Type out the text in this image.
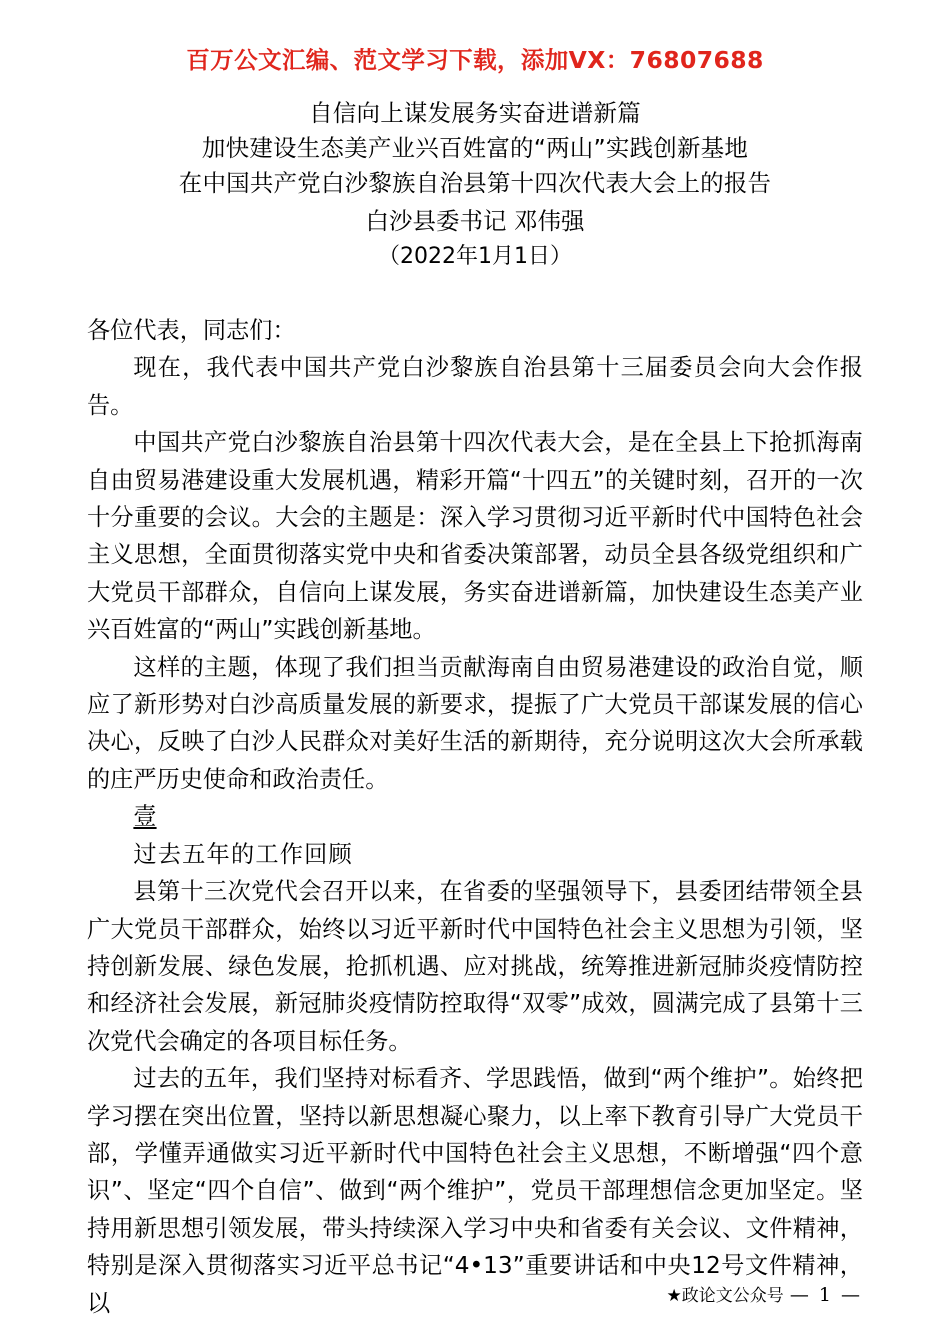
百万公文汇编、范文学习下载，添加VX：76807688
自信向上谋发展务实奋进谱新篇
加快建设生态美产业兴百姓富的“两山”实践创新基地
在中国共产党白沙黎族自治县第十四次代表大会上的报告
白沙县委书记 邓伟强
（2022年1月1日）

各位代表，同志们：

现在，我代表中国共产党白沙黎族自治县第十三届委员会向大会作报告。

中国共产党白沙黎族自治县第十四次代表大会，是在全县上下抢抓海南自由贸易港建设重大发展机遇，精彩开篇“十四五”的关键时刻，召开的一次十分重要的会议。大会的主题是：深入学习贯彻习近平新时代中国特色社会主义思想，全面贯彻落实党中央和省委决策部署，动员全县各级党组织和广大党员干部群众，自信向上谋发展，务实奋进谱新篇，加快建设生态美产业兴百姓富的“两山”实践创新基地。

这样的主题，体现了我们担当贡献海南自由贸易港建设的政治自觉，顺应了新形势对白沙高质量发展的新要求，提振了广大党员干部谋发展的信心决心，反映了白沙人民群众对美好生活的新期待，充分说明这次大会所承载的庄严历史使命和政治责任。

壹

过去五年的工作回顾

县第十三次党代会召开以来，在省委的坚强领导下，县委团结带领全县广大党员干部群众，始终以习近平新时代中国特色社会主义思想为引领，坚持创新发展、绿色发展，抢抓机遇、应对挑战，统筹推进新冠肺炎疫情防控和经济社会发展，新冠肺炎疫情防控取得“双零”成效，圆满完成了县第十三次党代会确定的各项目标任务。

过去的五年，我们坚持对标看齐、学思践悟，做到“两个维护”。始终把学习摆在突出位置，坚持以新思想凝心聚力，以上率下教育引导广大党员干部，学懂弄通做实习近平新时代中国特色社会主义思想，不断增强“四个意识”、坚定“四个自信”、做到“两个维护”，党员干部理想信念更加坚定。坚持用新思想引领发展，带头持续深入学习中央和省委有关会议、文件精神，特别是深入贯彻落实习近平总书记“4•13”重要讲话和中央12号文件精神，以	★政论文公众号 — 1 —
